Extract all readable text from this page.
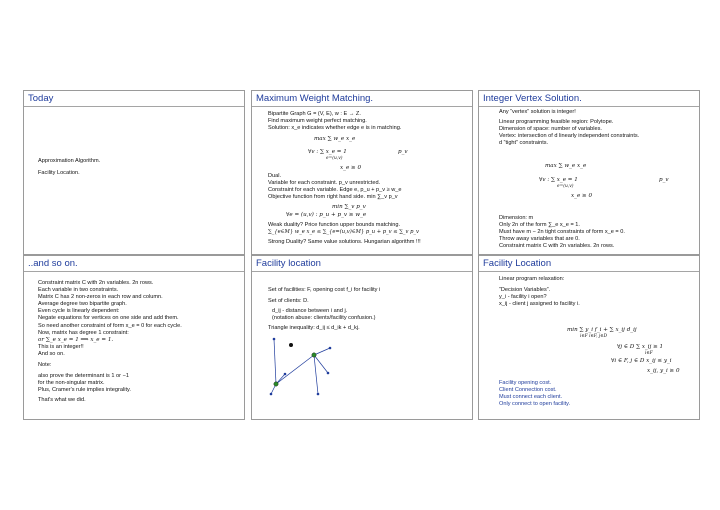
Today
Approximation Algorithm.
Facility Location.
Maximum Weight Matching.
Bipartite Graph G = (V, E), w : E → Z.
Find maximum weight perfect matching.
Solution: x_e indicates whether edge e is in matching.
max ∑ w_e x_e
∀v : ∑ x_e = 1
e=(u,v)
p_v
x_e ≥ 0
Dual.
Variable for each constraint. p_v unrestricted.
Constraint for each variable. Edge e, p_u + p_v ≥ w_e
Objective function from right hand side. min ∑_v p_v
min ∑_v p_v
∀e = (u,v) : p_u + p_v ≥ w_e
Weak duality? Price function upper bounds matching.
∑_{e∈M} w_e x_e ≤ ∑_{e=(u,v)∈M} p_u + p_v ≤ ∑_v p_v
Strong Duality? Same value solutions. Hungarian algorithm !!!
Integer Vertex Solution.
Any “vertex” solution is integer!
Linear programming feasible region: Polytope.
Dimension of space: number of variables.
Vertex: intersection of d linearly independent constraints.
d “tight” constraints.
max ∑ w_e x_e
∀v : ∑ x_e = 1
e=(u,v)
p_v
x_e ≥ 0
Dimension: m
Only 2n of the form ∑_e x_e = 1.
Must have m − 2n tight constraints of form x_e = 0.
Throw away variables that are 0.
Constraint matrix C with 2n variables. 2n rows.
..and so on.
Constraint matrix C with 2n variables. 2n rows.
Each variable in two constraints.
Matrix C has 2 non-zeros in each row and column.
Average degree two bipartite graph.
Even cycle is linearly dependent:
Negate equations for vertices on one side and add them.
So need another constraint of form x_e = 0 for each cycle.
Now, matrix has degree 1 constraint:
or ∑_e x_e = 1 ⟹ x_e = 1.
This is an integer!!
And so on.
Note:
also prove the determinant is 1 or −1
for the non-singular matrix.
Plus, Cramer's rule implies integrality.
That's what we did.
Facility location
Set of facilities: F, opening cost f_i for facility i
Set of clients: D.
d_ij - distance between i and j.
(notation abuse: clients/facility confusion.)
Triangle inequality: d_ij ≤ d_ik + d_kj.
Facility Location
Linear program relaxation:
“Decision Variables”.
y_i - facility i open?
x_ij - client j assigned to facility i.
min ∑ y_i f_i + ∑ x_ij d_ij
i∈F i∈F, j∈D
∀j ∈ D ∑ x_ij ≥ 1
i∈F
∀i ∈ F, j ∈ D x_ij ≤ y_i
x_ij, y_i ≥ 0
Facility opening cost.
Client Connection cost.
Must connect each client.
Only connect to open facility.
